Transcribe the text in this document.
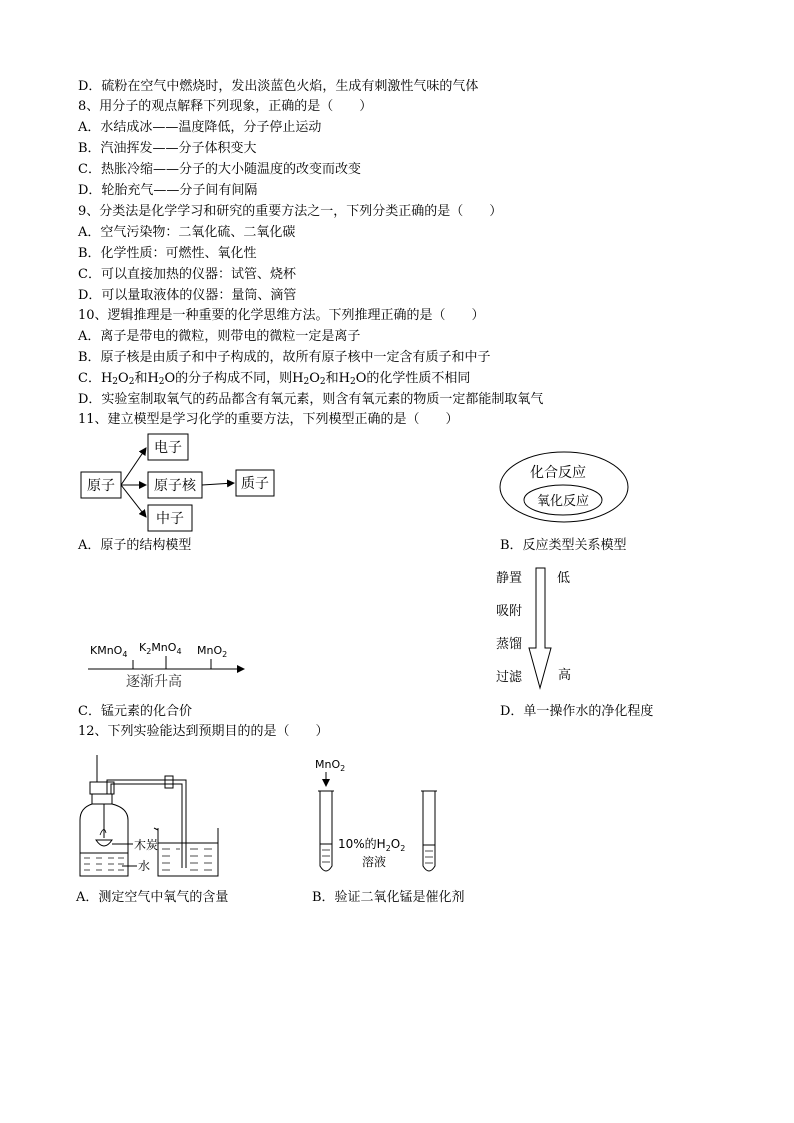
D．硫粉在空气中燃烧时，发出淡蓝色火焰，生成有刺激性气味的气体
8、用分子的观点解释下列现象，正确的是（　　）
A．水结成冰——温度降低，分子停止运动
B．汽油挥发——分子体积变大
C．热胀冷缩——分子的大小随温度的改变而改变
D．轮胎充气——分子间有间隔
9、分类法是化学学习和研究的重要方法之一，下列分类正确的是（　　）
A．空气污染物：二氧化硫、二氧化碳
B．化学性质：可燃性、氧化性
C．可以直接加热的仪器：试管、烧杯
D．可以量取液体的仪器：量筒、滴管
10、逻辑推理是一种重要的化学思维方法。下列推理正确的是（　　）
A．离子是带电的微粒，则带电的微粒一定是离子
B．原子核是由质子和中子构成的，故所有原子核中一定含有质子和中子
C．$H_2O_2$和$H_2O$的分子构成不同，则$H_2O_2$和$H_2O$的化学性质不相同
D．实验室制取氧气的药品都含有氧元素，则含有氧元素的物质一定都能制取氧气
11、建立模型是学习化学的重要方法，下列模型正确的是（　　）
原子
电子
原子核
中子
质子
化合反应
氧化反应
KMnO$_4$
$K_2MnO_4$ MnO$_2$
逐渐升高
静置
吸附
蒸馏
过滤
低
高
木炭
水
MnO$_2$
10%的$H_2O_2$
溶液
A．原子的结构模型	B．反应类型关系模型
C．锰元素的化合价	D．单一操作水的净化程度
12、下列实验能达到预期目的的是（　　）
A．测定空气中氧气的含量	B．验证二氧化锰是催化剂
